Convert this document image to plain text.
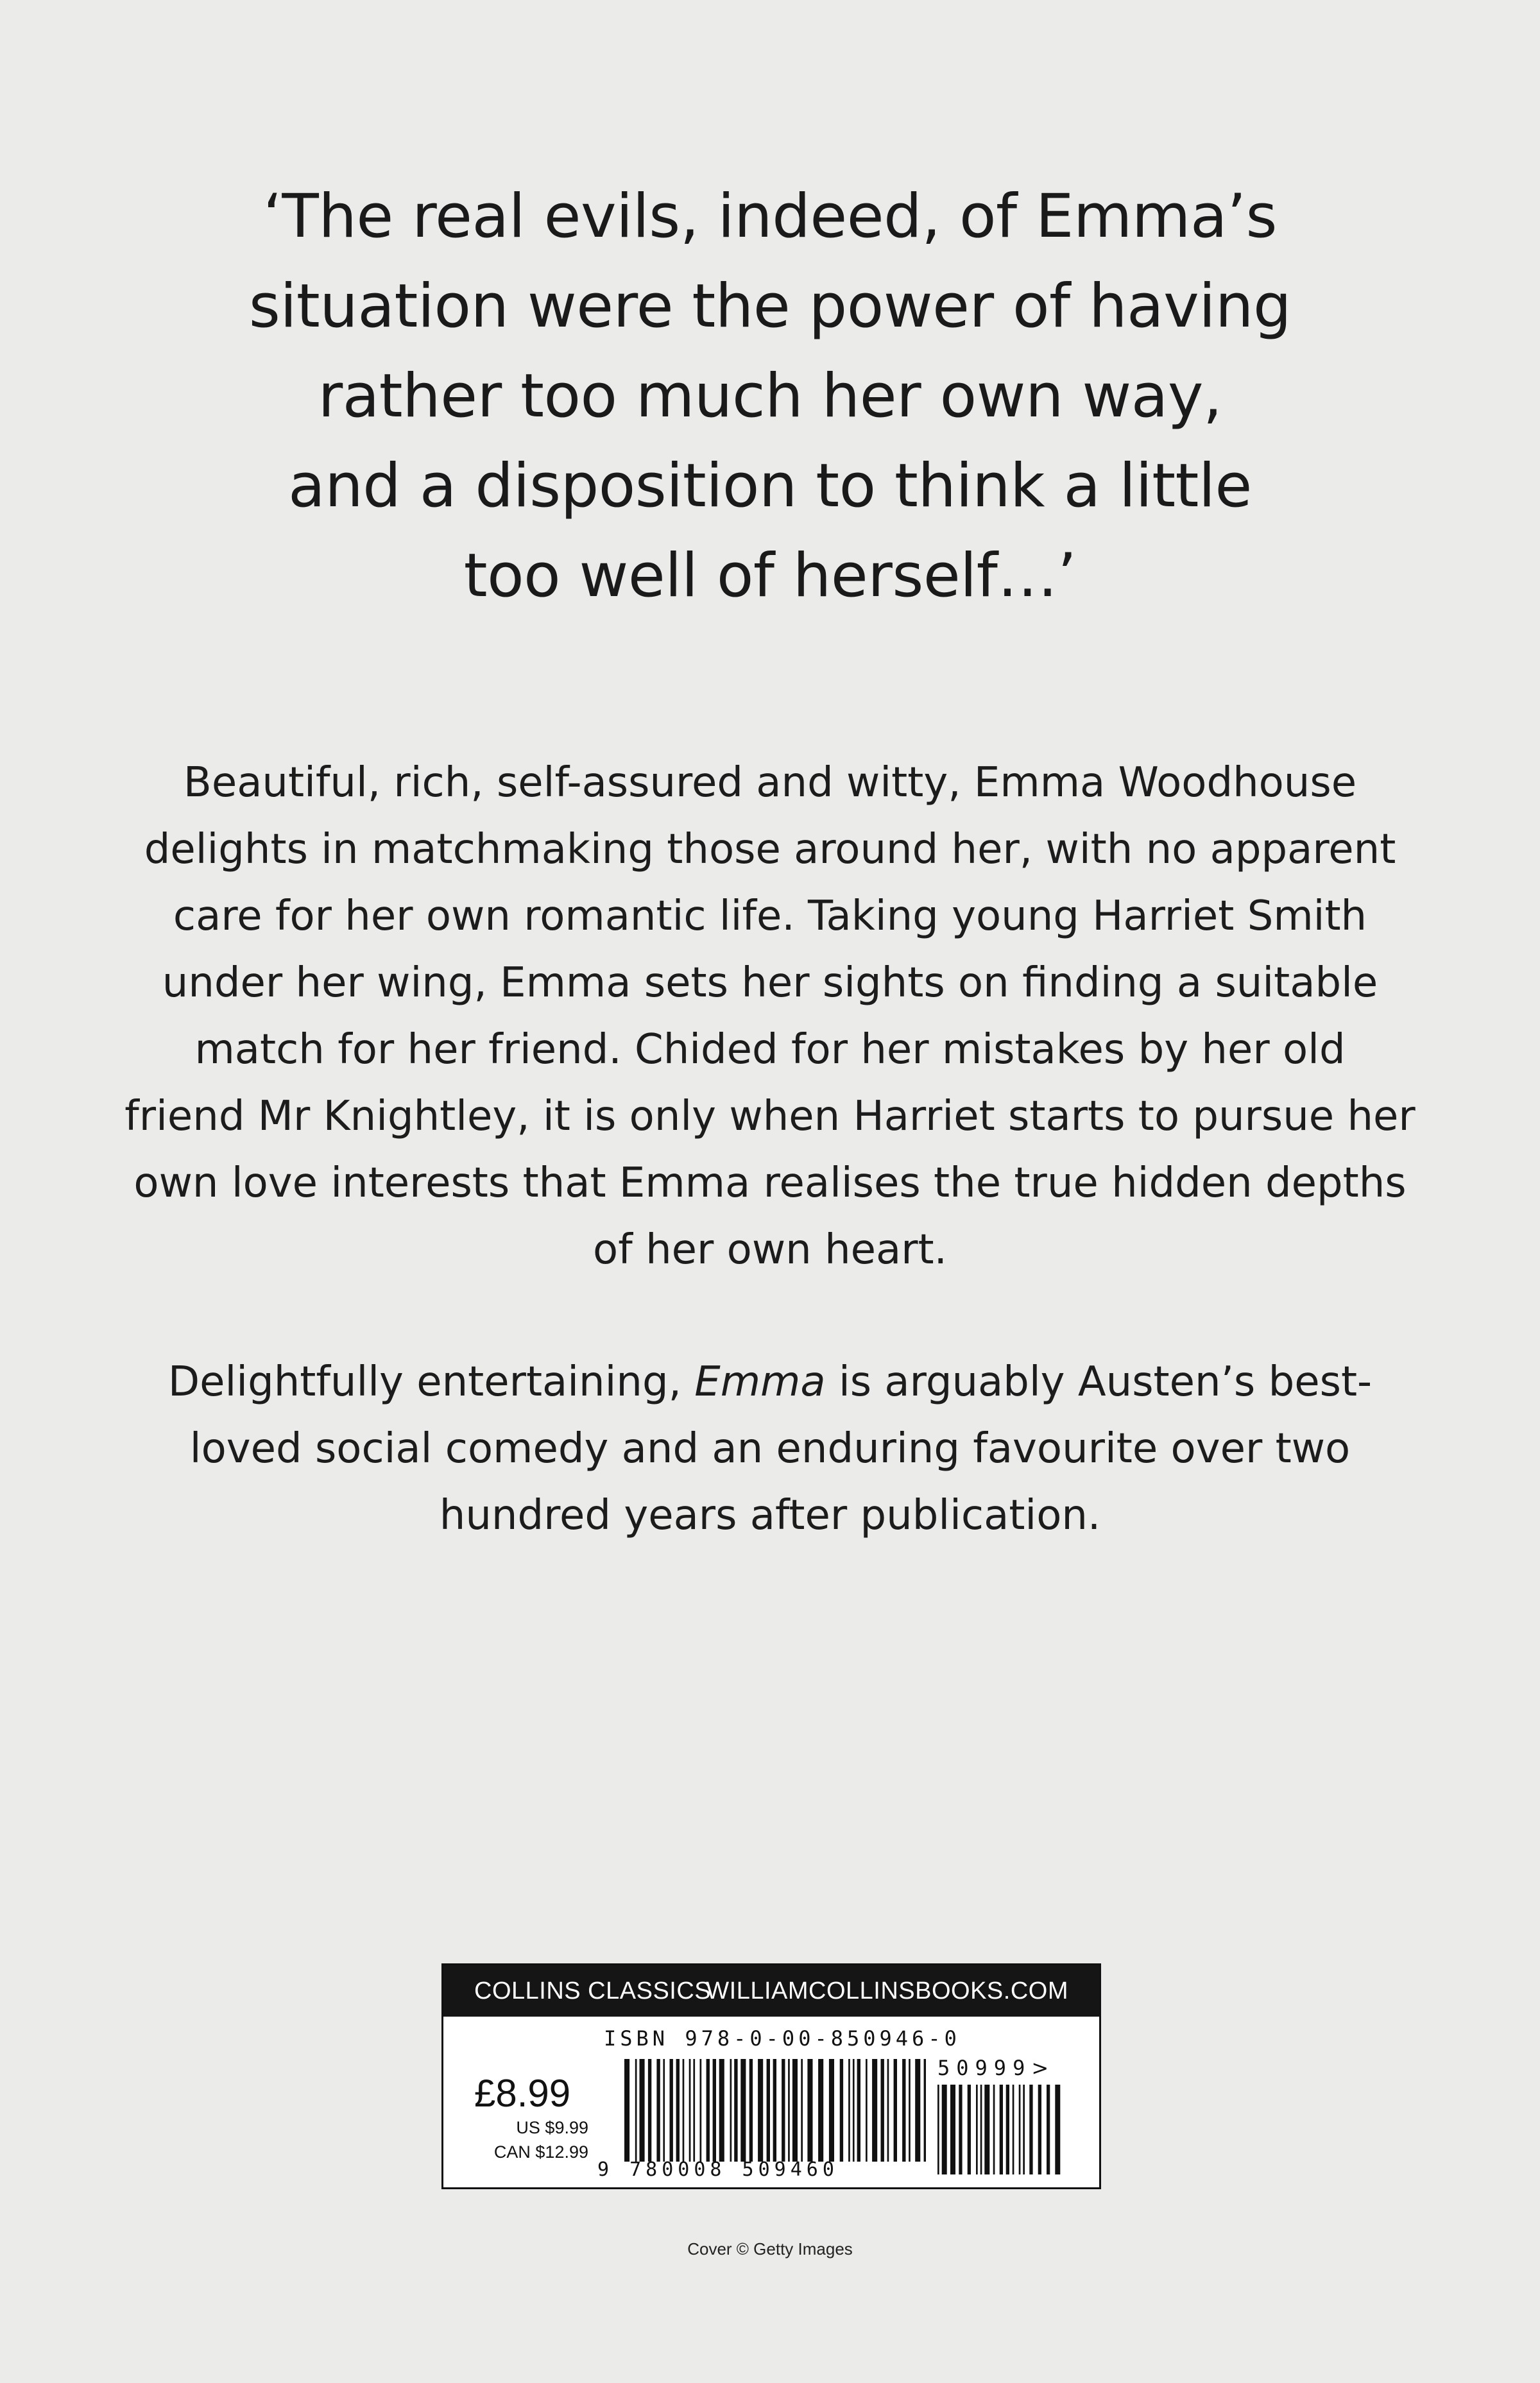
‘The real evils, indeed, of Emma’s
situation were the power of having
rather too much her own way,
and a disposition to think a little
too well of herself…’
Beautiful, rich, self-assured and witty, Emma Woodhouse
delights in matchmaking those around her, with no apparent
care for her own romantic life. Taking young Harriet Smith
under her wing, Emma sets her sights on finding a suitable
match for her friend. Chided for her mistakes by her old
friend Mr Knightley, it is only when Harriet starts to pursue her
own love interests that Emma realises the true hidden depths
of her own heart.
Delightfully entertaining, Emma is arguably Austen’s best-
loved social comedy and an enduring favourite over two
hundred years after publication.
COLLINS CLASSICS
WILLIAMCOLLINSBOOKS.COM
£8.99
US $9.99
CAN $12.99
ISBN 978-0-00-850946-0
9 780008 509460
50999>
Cover © Getty Images
